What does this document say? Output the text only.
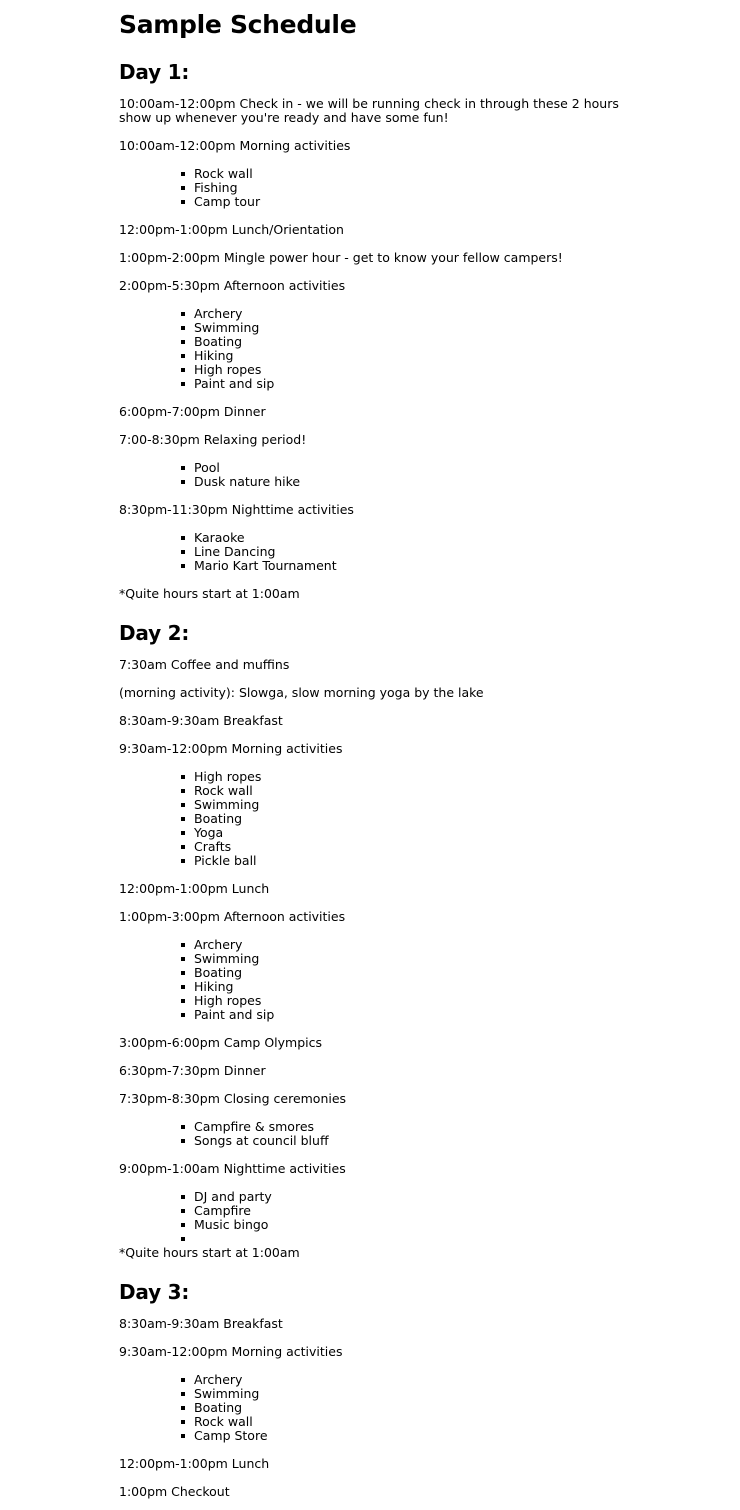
Sample Schedule
Day 1:

10:00am-12:00pm Check in - we will be running check in through these 2 hours show up whenever you're ready and have some fun!

10:00am-12:00pm Morning activities

Rock wall
Fishing
Camp tour

12:00pm-1:00pm Lunch/Orientation

1:00pm-2:00pm Mingle power hour - get to know your fellow campers!

2:00pm-5:30pm Afternoon activities

Archery
Swimming
Boating
Hiking
High ropes
Paint and sip

6:00pm-7:00pm Dinner

7:00-8:30pm Relaxing period!

Pool
Dusk nature hike

8:30pm-11:30pm Nighttime activities

Karaoke
Line Dancing
Mario Kart Tournament

*Quite hours start at 1:00am

Day 2:

7:30am Coffee and muffins

(morning activity): Slowga, slow morning yoga by the lake

8:30am-9:30am Breakfast

9:30am-12:00pm Morning activities

High ropes
Rock wall
Swimming
Boating
Yoga
Crafts
Pickle ball

12:00pm-1:00pm Lunch

1:00pm-3:00pm Afternoon activities

Archery
Swimming
Boating
Hiking
High ropes
Paint and sip

3:00pm-6:00pm Camp Olympics

6:30pm-7:30pm Dinner

7:30pm-8:30pm Closing ceremonies

Campfire & smores
Songs at council bluff

9:00pm-1:00am Nighttime activities

DJ and party
Campfire
Music bingo

*Quite hours start at 1:00am

Day 3:

8:30am-9:30am Breakfast

9:30am-12:00pm Morning activities

Archery
Swimming
Boating
Rock wall
Camp Store

12:00pm-1:00pm Lunch

1:00pm Checkout
